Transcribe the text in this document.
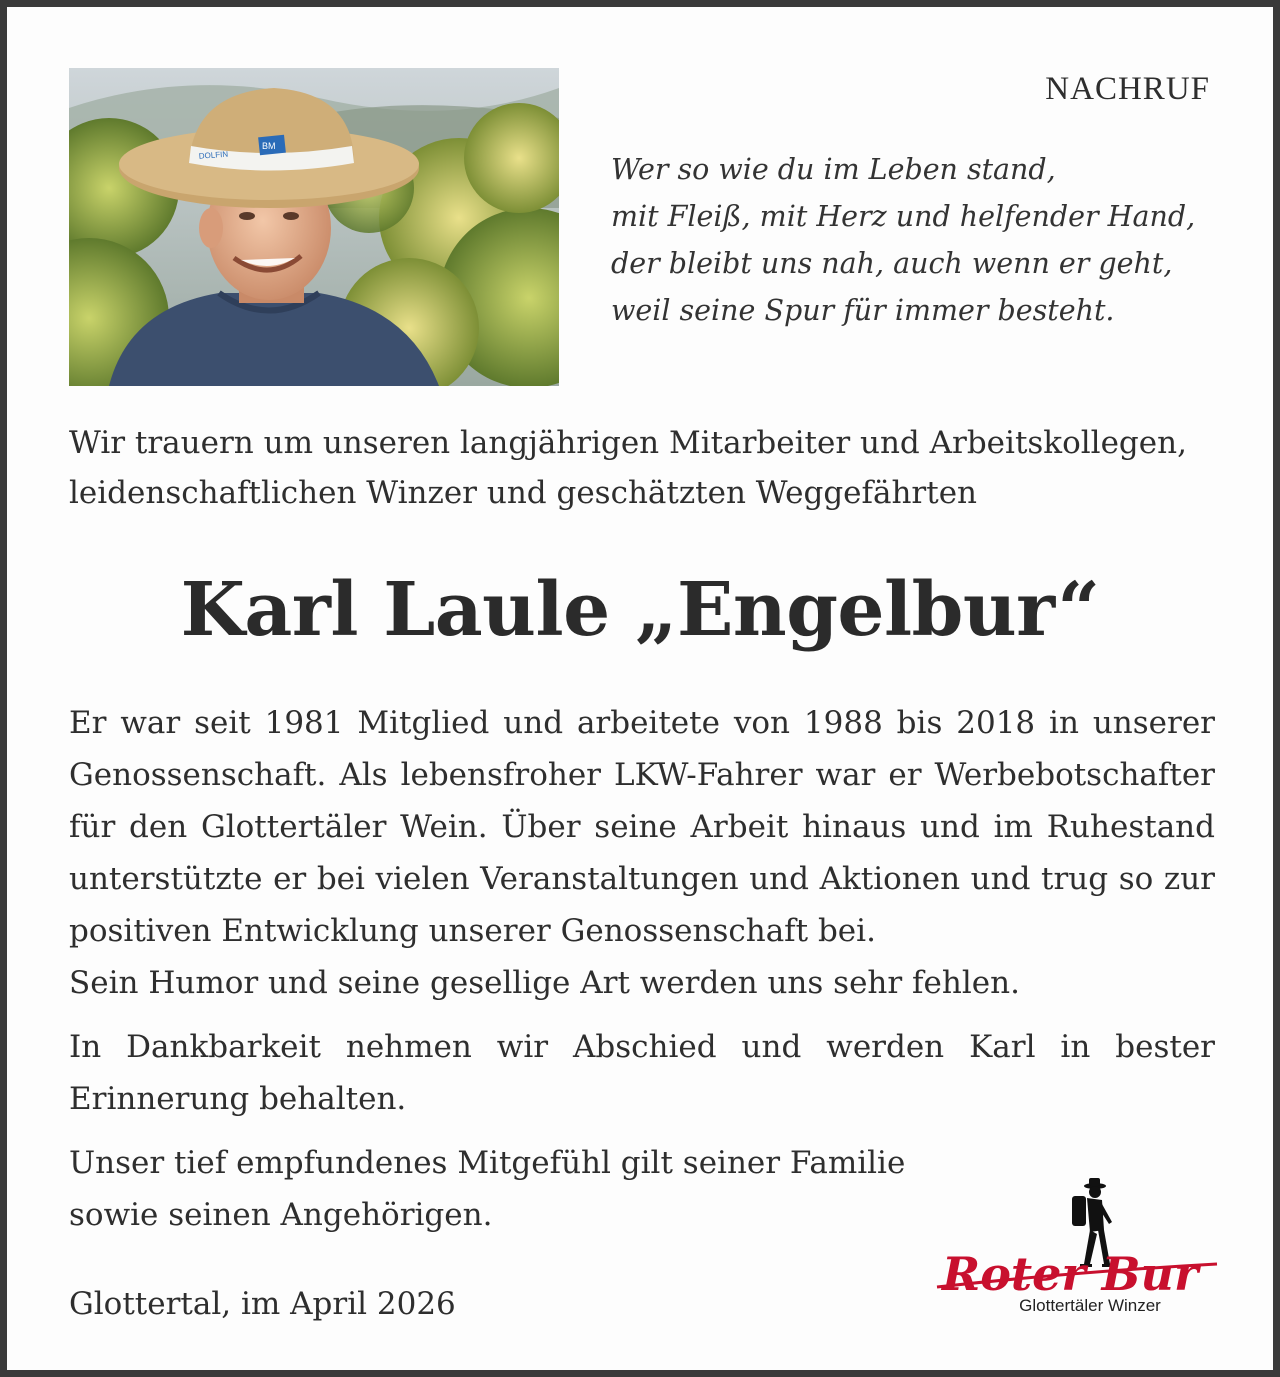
BM
DOLFIN
NACHRUF
Wer so wie du im Leben stand,
mit Fleiß, mit Herz und helfender Hand,
der bleibt uns nah, auch wenn er geht,
weil seine Spur für immer besteht.
Wir trauern um unseren langjährigen Mitarbeiter und Arbeitskollegen,
leidenschaftlichen Winzer und geschätzten Weggefährten
Karl Laule „Engelbur“

Er war seit 1981 Mitglied und arbeitete von 1988 bis 2018 in unserer Genossenschaft. Als lebensfroher LKW-Fahrer war er Werbebotschafter für den Glottertäler Wein. Über seine Arbeit hinaus und im Ruhestand unterstützte er bei vielen Veranstaltungen und Aktionen und trug so zur positiven Entwicklung unserer Genossenschaft bei.

Sein Humor und seine gesellige Art werden uns sehr fehlen.

In Dankbarkeit nehmen wir Abschied und werden Karl in bester Erinnerung behalten.

Unser tief empfundenes Mitgefühl gilt seiner Familie
sowie seinen Angehörigen.

Glottertal, im April 2026
Roter Bur
Glottertäler Winzer
